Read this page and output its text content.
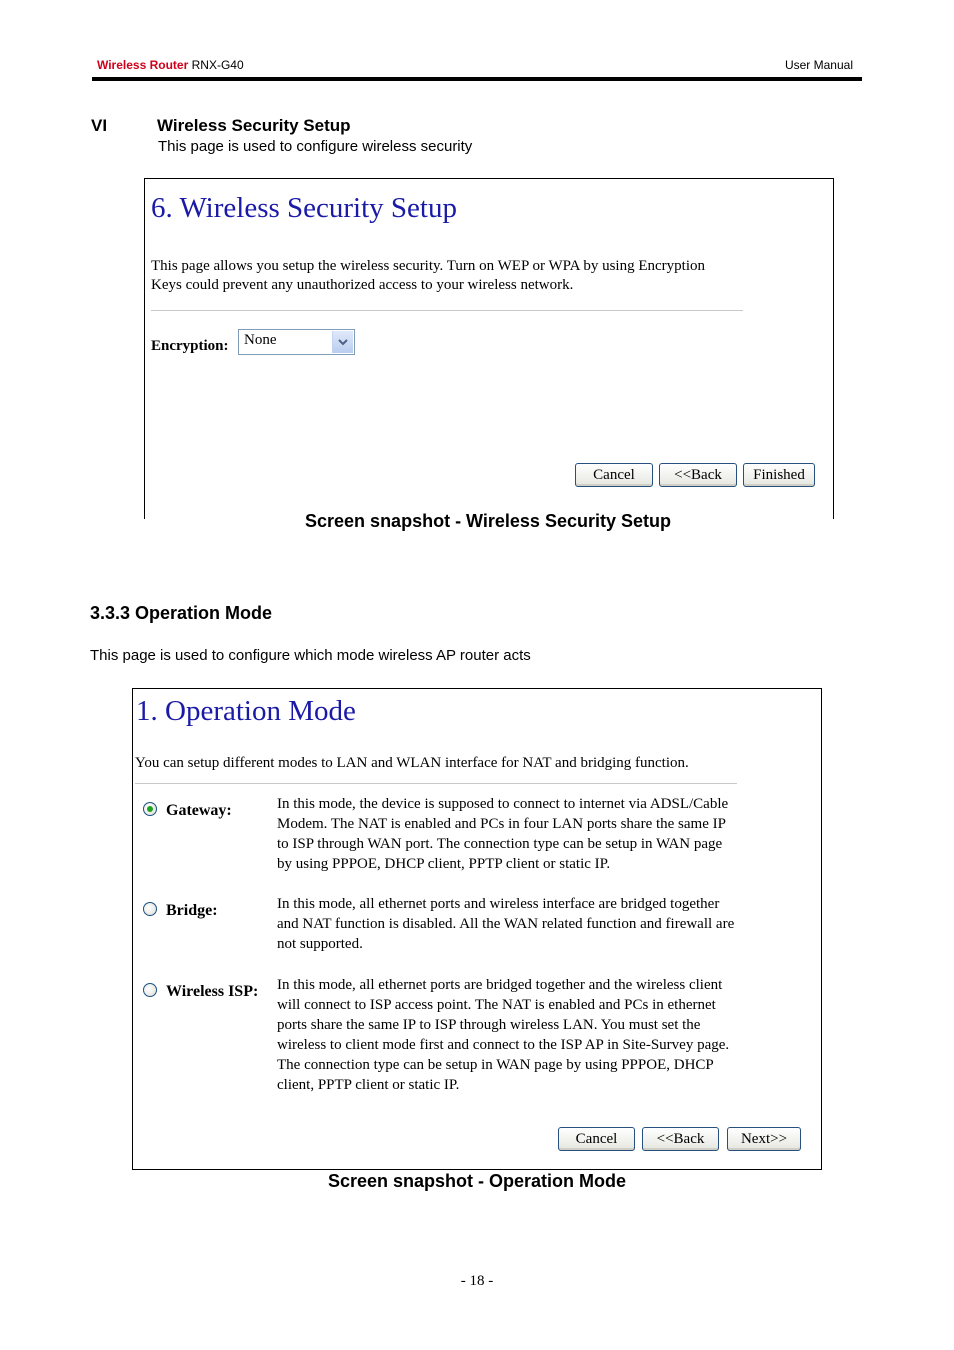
Wireless Router RNX-G40	User Manual
VI	Wireless Security Setup
This page is used to configure wireless security
6. Wireless Security Setup
This page allows you setup the wireless security. Turn on WEP or WPA by using Encryption Keys could prevent any unauthorized access to your wireless network.
Encryption: None
Cancel	<<Back	Finished
Screen snapshot - Wireless Security Setup
3.3.3 Operation Mode
This page is used to configure which mode wireless AP router acts
1. Operation Mode
You can setup different modes to LAN and WLAN interface for NAT and bridging function.
Gateway:	In this mode, the device is supposed to connect to internet via ADSL/Cable Modem. The NAT is enabled and PCs in four LAN ports share the same IP to ISP through WAN port. The connection type can be setup in WAN page by using PPPOE, DHCP client, PPTP client or static IP.
Bridge:	In this mode, all ethernet ports and wireless interface are bridged together and NAT function is disabled. All the WAN related function and firewall are not supported.
Wireless ISP: In this mode, all ethernet ports are bridged together and the wireless client will connect to ISP access point. The NAT is enabled and PCs in ethernet ports share the same IP to ISP through wireless LAN. You must set the wireless to client mode first and connect to the ISP AP in Site-Survey page. The connection type can be setup in WAN page by using PPPOE, DHCP client, PPTP client or static IP.
Cancel	<<Back	Next>>
Screen snapshot - Operation Mode
- 18 -
